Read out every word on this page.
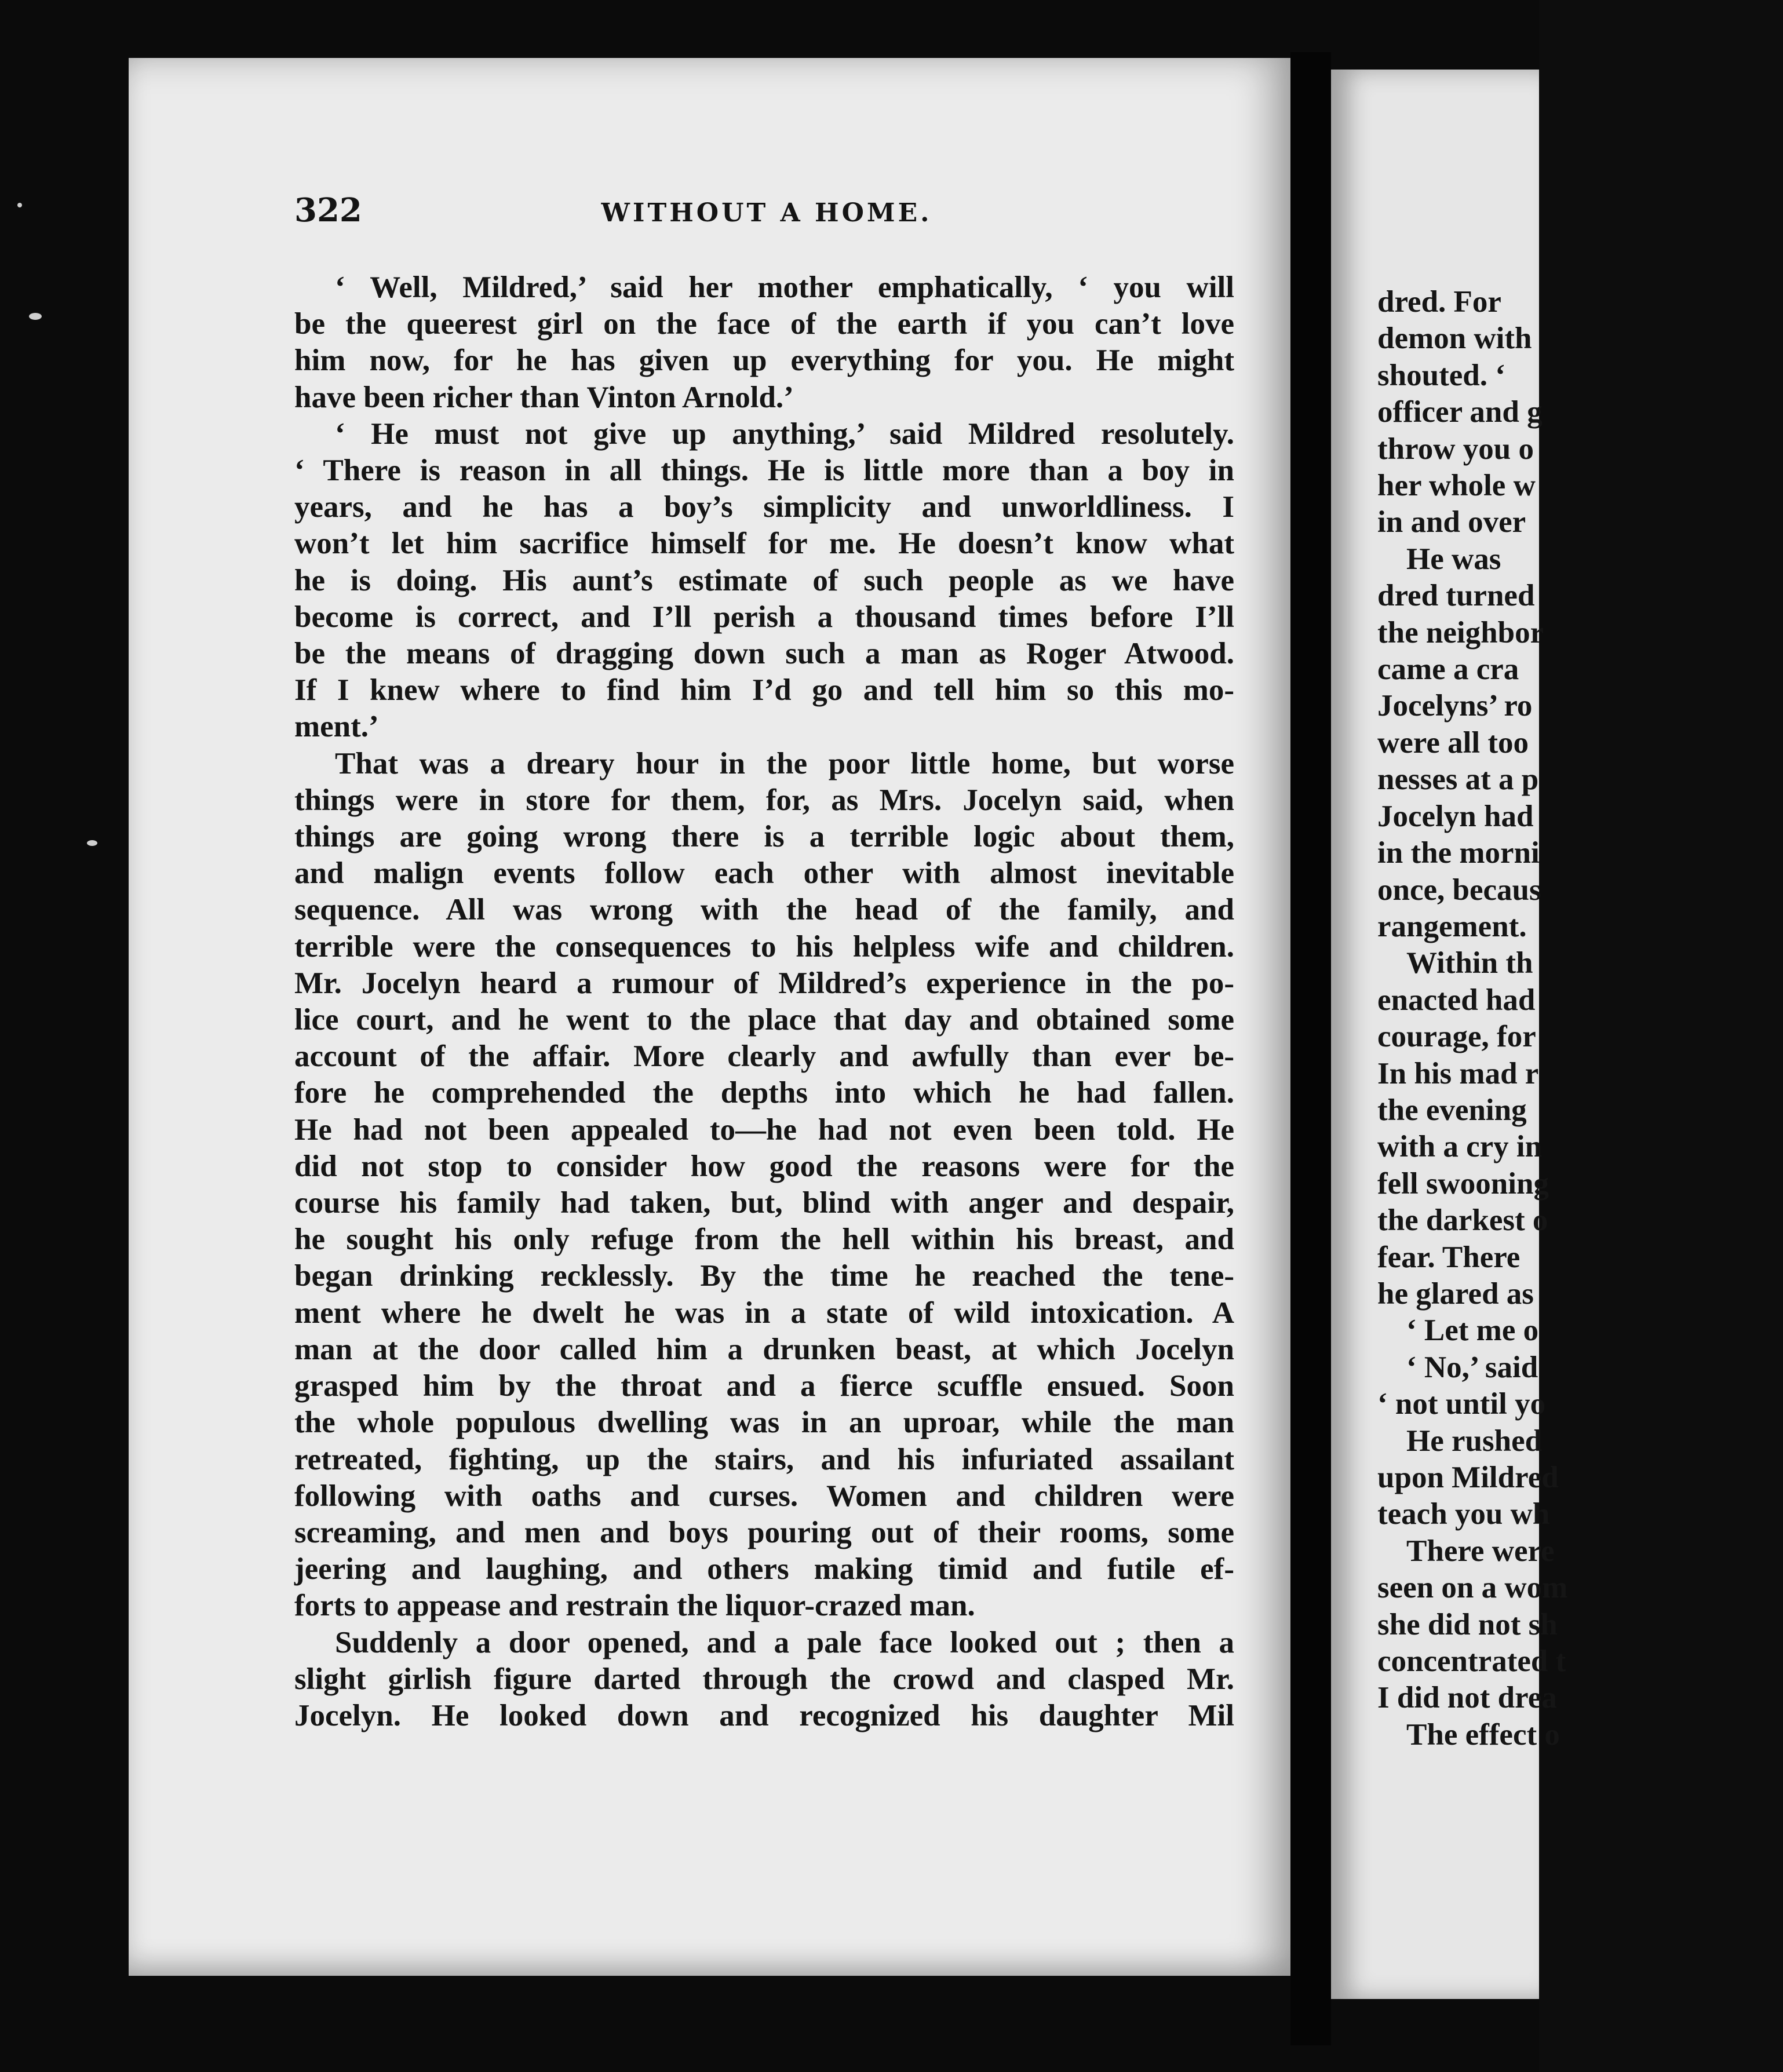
322	WITHOUT A HOME.
‘ Well, Mildred,’ said her mother emphatically, ‘ you will
be the queerest girl on the face of the earth if you can’t love
him now, for he has given up everything for you. He might
have been richer than Vinton Arnold.’
‘ He must not give up anything,’ said Mildred resolutely.
‘ There is reason in all things. He is little more than a boy in
years, and he has a boy’s simplicity and unworldliness. I
won’t let him sacrifice himself for me. He doesn’t know what
he is doing. His aunt’s estimate of such people as we have
become is correct, and I’ll perish a thousand times before I’ll
be the means of dragging down such a man as Roger Atwood.
If I knew where to find him I’d go and tell him so this mo-
ment.’
That was a dreary hour in the poor little home, but worse
things were in store for them, for, as Mrs. Jocelyn said, when
things are going wrong there is a terrible logic about them,
and malign events follow each other with almost inevitable
sequence. All was wrong with the head of the family, and
terrible were the consequences to his helpless wife and children.
Mr. Jocelyn heard a rumour of Mildred’s experience in the po-
lice court, and he went to the place that day and obtained some
account of the affair. More clearly and awfully than ever be-
fore he comprehended the depths into which he had fallen.
He had not been appealed to—he had not even been told. He
did not stop to consider how good the reasons were for the
course his family had taken, but, blind with anger and despair,
he sought his only refuge from the hell within his breast, and
began drinking recklessly. By the time he reached the tene-
ment where he dwelt he was in a state of wild intoxication. A
man at the door called him a drunken beast, at which Jocelyn
grasped him by the throat and a fierce scuffle ensued. Soon
the whole populous dwelling was in an uproar, while the man
retreated, fighting, up the stairs, and his infuriated assailant
following with oaths and curses. Women and children were
screaming, and men and boys pouring out of their rooms, some
jeering and laughing, and others making timid and futile ef-
forts to appease and restrain the liquor-crazed man.
Suddenly a door opened, and a pale face looked out ; then a
slight girlish figure darted through the crowd and clasped Mr.
Jocelyn. He looked down and recognized his daughter Mil
dred. For
demon with
shouted. ‘
officer and g
throw you o
her whole w
in and over
He was
dred turned
the neighbor
came a cra
Jocelyns’ ro
were all too
nesses at a p
Jocelyn had
in the morni
once, becaus
rangement.
Within th
enacted had
courage, for
In his mad r
the evening
with a cry in
fell swooning
the darkest o
fear. There
he glared as
‘ Let me o
‘ No,’ said
‘ not until yo
He rushed
upon Mildred
teach you wh
There were
seen on a wom
she did not sh
concentrated t
I did not drea
The effect o
